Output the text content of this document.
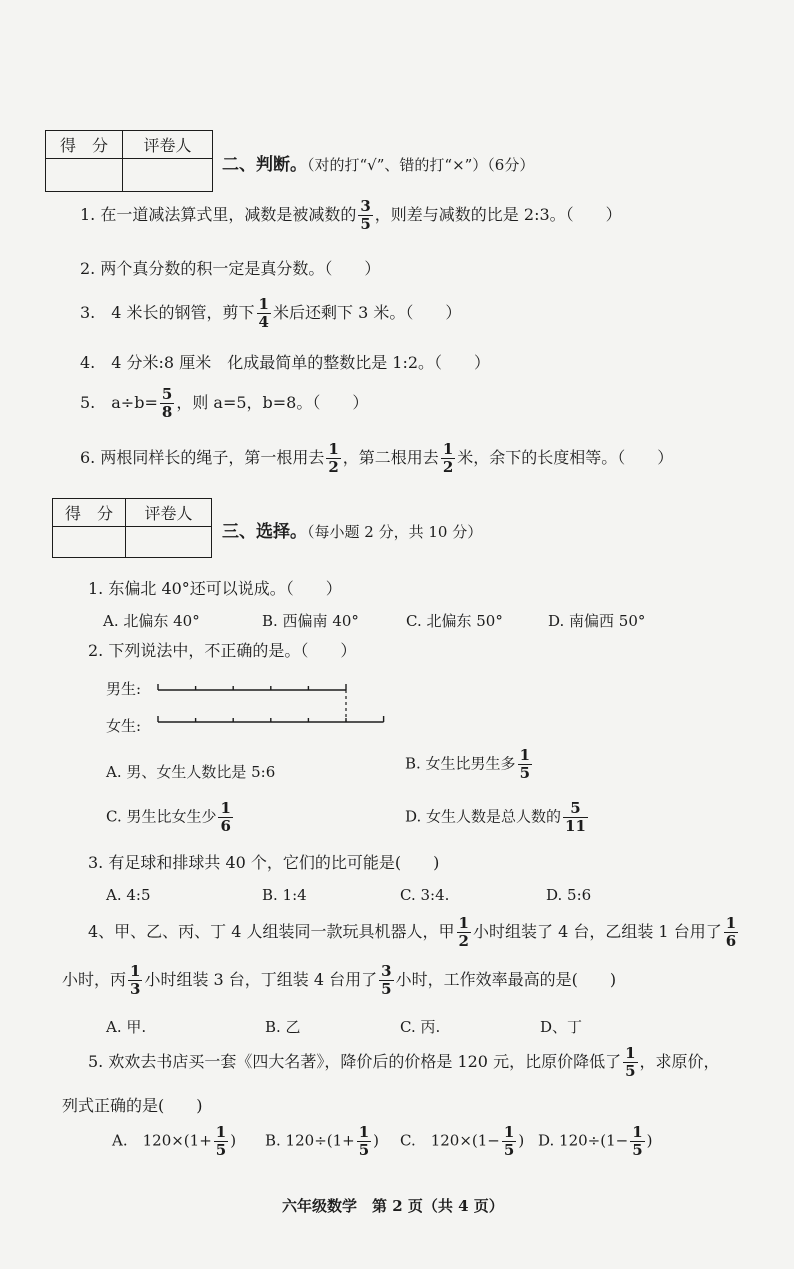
得　分	评卷人

二、判断。（对的打“√”、错的打“×”）（6分）
1. 在一道减法算式里，减数是被减数的 $\frac{3}{5}$ ，则差与减数的比是 2:3。（　　）
2. 两个真分数的积一定是真分数。（　　）
3.　4 米长的钢管，剪下 $\frac{1}{4}$ 米后还剩下 3 米。（　　）
4.　4 分米:8 厘米　化成最简单的整数比是 1:2。（　　）
5.　$a\div b= \frac{5}{8}$ ，则 a=5，b=8。（　　）
6. 两根同样长的绳子，第一根用去 $\frac{1}{2}$ ，第二根用去 $\frac{1}{2}$ 米，余下的长度相等。（　　）
得　分	评卷人

三、选择。（每小题 2 分，共 10 分）
1. 东偏北 40°还可以说成。（　　）
A. 北偏东 40°	B. 西偏南 40°	C. 北偏东 50°	D. 南偏西 50°
2. 下列说法中，不正确的是。（　　）
男生:
女生:
A. 男、女生人数比是 5:6	B. 女生比男生多 $\frac{1}{5}$
C. 男生比女生少 $\frac{1}{6}$	D. 女生人数是总人数的 $\frac{5}{11}$
3. 有足球和排球共 40 个，它们的比可能是(　　)
A. 4:5	B. 1:4	C. 3:4.	D. 5:6
4、甲、乙、丙、丁 4 人组装同一款玩具机器人，甲 $\frac{1}{2}$ 小时组装了 4 台，乙组装 1 台用了 $\frac{1}{6}$
小时，丙 $\frac{1}{3}$ 小时组装 3 台，丁组装 4 台用了 $\frac{3}{5}$ 小时，工作效率最高的是(　　)
A. 甲.	B. 乙	C. 丙.	D、丁
5. 欢欢去书店买一套《四大名著》，降价后的价格是 120 元，比原价降低了 $\frac{1}{5}$ ，求原价，
列式正确的是(　　)
A.　$120\times(1+ \frac{1}{5}$ ) B. $120\div(1+ \frac{1}{5}$ ) C.　$120\times(1- \frac{1}{5}$ ) D. $120\div(1- \frac{1}{5}$ )
六年级数学　第 2 页（共 4 页）
